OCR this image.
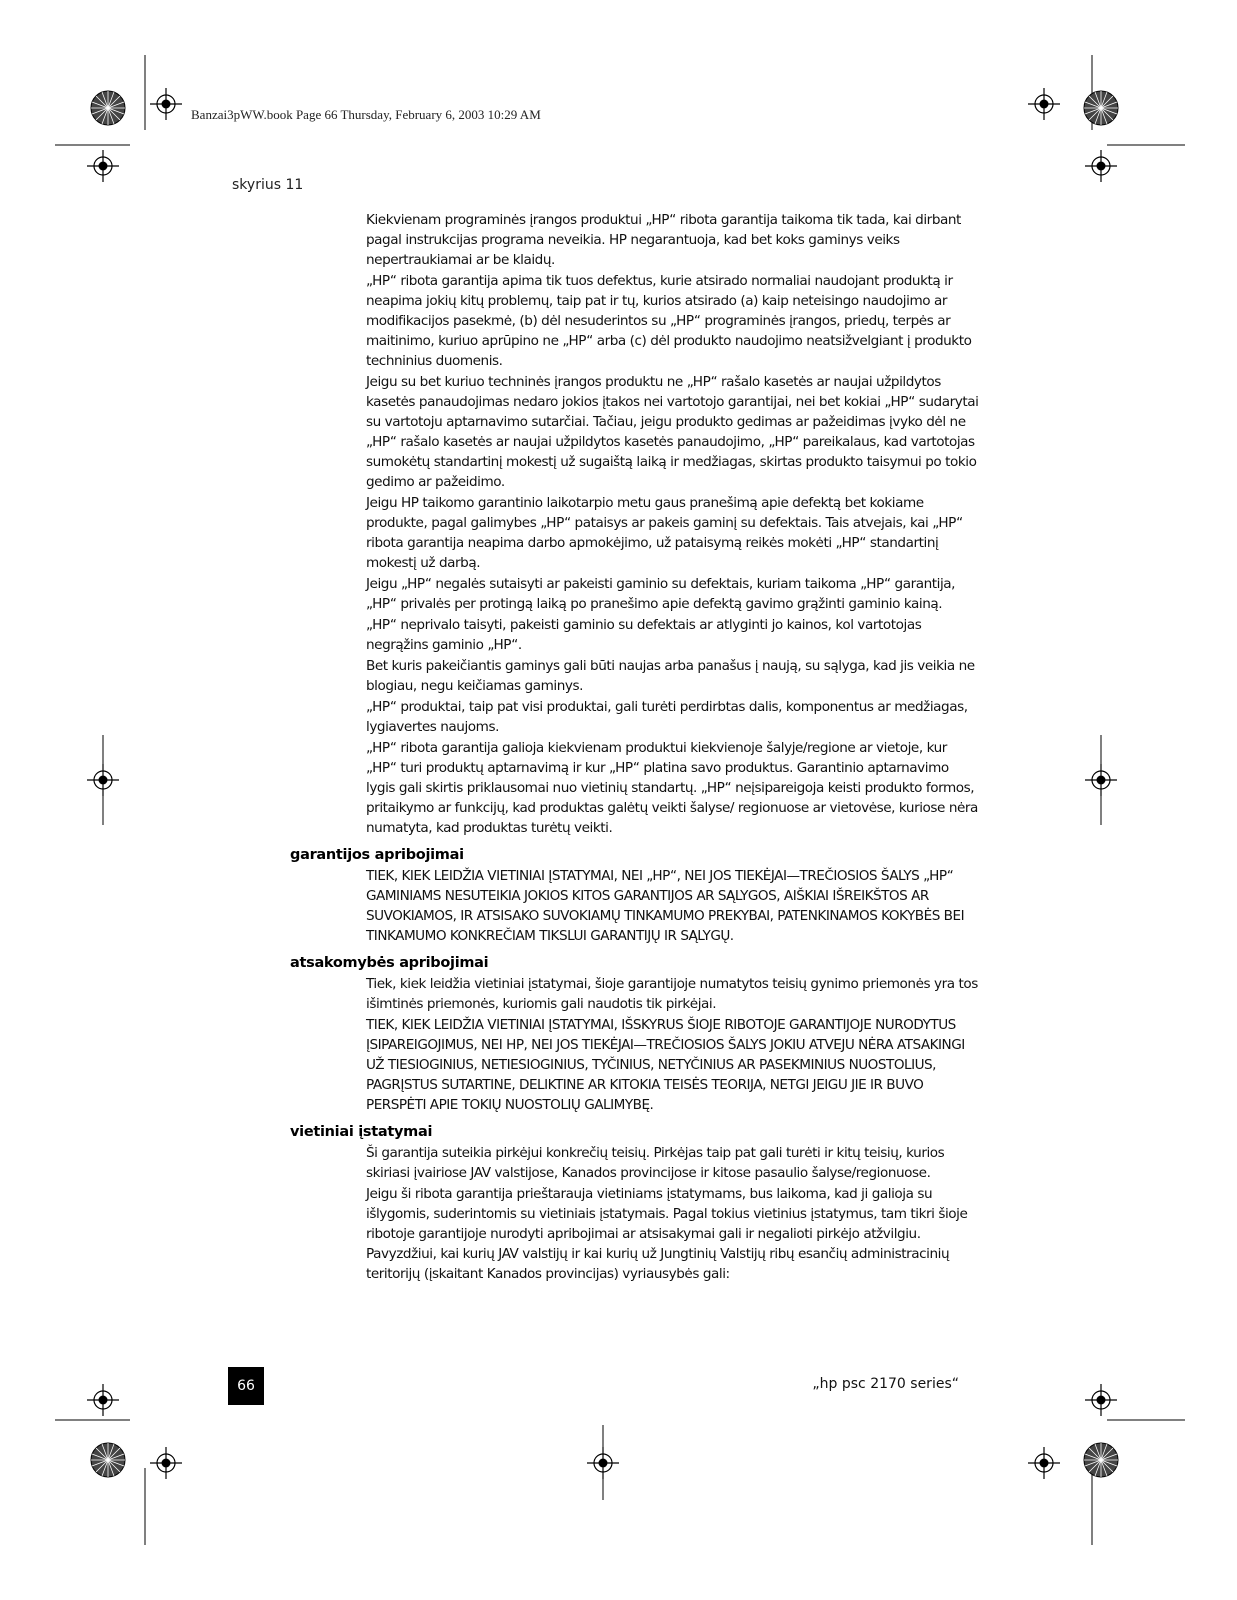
Banzai3pWW.book Page 66 Thursday, February 6, 2003 10:29 AM
skyrius 11

Kiekvienam programinės įrangos produktui „HP“ ribota garantija taikoma tik tada, kai dirbant pagal instrukcijas programa neveikia. HP negarantuoja, kad bet koks gaminys veiks nepertraukiamai ar be klaidų.

„HP“ ribota garantija apima tik tuos defektus, kurie atsirado normaliai naudojant produktą ir neapima jokių kitų problemų, taip pat ir tų, kurios atsirado (a) kaip neteisingo naudojimo ar modifikacijos pasekmė, (b) dėl nesuderintos su „HP“ programinės įrangos, priedų, terpės ar maitinimo, kuriuo aprūpino ne „HP“ arba (c) dėl produkto naudojimo neatsižvelgiant į produkto techninius duomenis.

Jeigu su bet kuriuo techninės įrangos produktu ne „HP“ rašalo kasetės ar naujai užpildytos kasetės panaudojimas nedaro jokios įtakos nei vartotojo garantijai, nei bet kokiai „HP“ sudarytai su vartotoju aptarnavimo sutarčiai. Tačiau, jeigu produkto gedimas ar pažeidimas įvyko dėl ne „HP“ rašalo kasetės ar naujai užpildytos kasetės panaudojimo, „HP“ pareikalaus, kad vartotojas sumokėtų standartinį mokestį už sugaištą laiką ir medžiagas, skirtas produkto taisymui po tokio gedimo ar pažeidimo.

Jeigu HP taikomo garantinio laikotarpio metu gaus pranešimą apie defektą bet kokiame produkte, pagal galimybes „HP“ pataisys ar pakeis gaminį su defektais. Tais atvejais, kai „HP“ ribota garantija neapima darbo apmokėjimo, už pataisymą reikės mokėti „HP“ standartinį mokestį už darbą.

Jeigu „HP“ negalės sutaisyti ar pakeisti gaminio su defektais, kuriam taikoma „HP“ garantija, „HP“ privalės per protingą laiką po pranešimo apie defektą gavimo grąžinti gaminio kainą.

„HP“ neprivalo taisyti, pakeisti gaminio su defektais ar atlyginti jo kainos, kol vartotojas negrąžins gaminio „HP“.

Bet kuris pakeičiantis gaminys gali būti naujas arba panašus į naują, su sąlyga, kad jis veikia ne blogiau, negu keičiamas gaminys.

„HP“ produktai, taip pat visi produktai, gali turėti perdirbtas dalis, komponentus ar medžiagas, lygiavertes naujoms.

„HP“ ribota garantija galioja kiekvienam produktui kiekvienoje šalyje/regione ar vietoje, kur „HP“ turi produktų aptarnavimą ir kur „HP“ platina savo produktus. Garantinio aptarnavimo lygis gali skirtis priklausomai nuo vietinių standartų. „HP“ neįsipareigoja keisti produkto formos, pritaikymo ar funkcijų, kad produktas galėtų veikti šalyse/ regionuose ar vietovėse, kuriose nėra numatyta, kad produktas turėtų veikti.

garantijos apribojimai

TIEK, KIEK LEIDŽIA VIETINIAI ĮSTATYMAI, NEI „HP“, NEI JOS TIEKĖJAI—TREČIOSIOS ŠALYS „HP“ GAMINIAMS NESUTEIKIA JOKIOS KITOS GARANTIJOS AR SĄLYGOS, AIŠKIAI IŠREIKŠTOS AR SUVOKIAMOS, IR ATSISAKO SUVOKIAMŲ TINKAMUMO PREKYBAI, PATENKINAMOS KOKYBĖS BEI TINKAMUMO KONKREČIAM TIKSLUI GARANTIJŲ IR SĄLYGŲ.

atsakomybės apribojimai

Tiek, kiek leidžia vietiniai įstatymai, šioje garantijoje numatytos teisių gynimo priemonės yra tos išimtinės priemonės, kuriomis gali naudotis tik pirkėjai.

TIEK, KIEK LEIDŽIA VIETINIAI ĮSTATYMAI, IŠSKYRUS ŠIOJE RIBOTOJE GARANTIJOJE NURODYTUS ĮSIPAREIGOJIMUS, NEI HP, NEI JOS TIEKĖJAI—TREČIOSIOS ŠALYS JOKIU ATVEJU NĖRA ATSAKINGI UŽ TIESIOGINIUS, NETIESIOGINIUS, TYČINIUS, NETYČINIUS AR PASEKMINIUS NUOSTOLIUS, PAGRĮSTUS SUTARTINE, DELIKTINE AR KITOKIA TEISĖS TEORIJA, NETGI JEIGU JIE IR BUVO PERSPĖTI APIE TOKIŲ NUOSTOLIŲ GALIMYBĘ.

vietiniai įstatymai

Ši garantija suteikia pirkėjui konkrečių teisių. Pirkėjas taip pat gali turėti ir kitų teisių, kurios skiriasi įvairiose JAV valstijose, Kanados provincijose ir kitose pasaulio šalyse/regionuose.

Jeigu ši ribota garantija prieštarauja vietiniams įstatymams, bus laikoma, kad ji galioja su išlygomis, suderintomis su vietiniais įstatymais. Pagal tokius vietinius įstatymus, tam tikri šioje ribotoje garantijoje nurodyti apribojimai ar atsisakymai gali ir negalioti pirkėjo atžvilgiu. Pavyzdžiui, kai kurių JAV valstijų ir kai kurių už Jungtinių Valstijų ribų esančių administracinių teritorijų (įskaitant Kanados provincijas) vyriausybės gali:

66	„hp psc 2170 series“
